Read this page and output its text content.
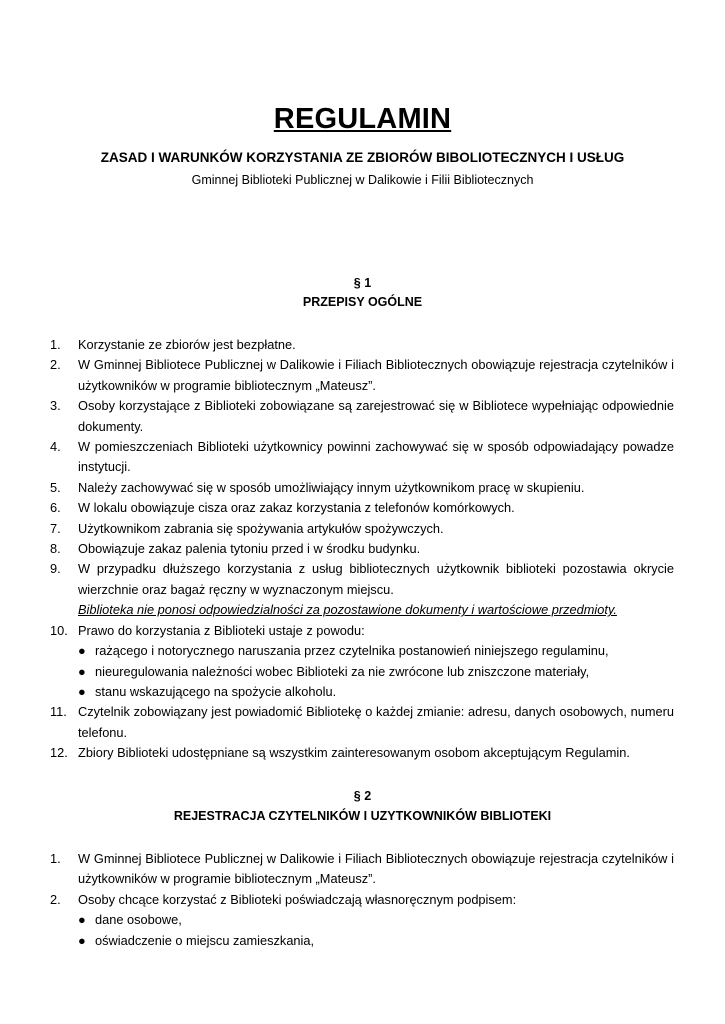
REGULAMIN
ZASAD I WARUNKÓW KORZYSTANIA ZE ZBIORÓW BIBOLIOTECZNYCH I USŁUG
Gminnej Biblioteki Publicznej w Dalikowie i Filii Bibliotecznych
§ 1
PRZEPISY OGÓLNE
1.	Korzystanie ze zbiorów jest bezpłatne.
2.	W Gminnej Bibliotece Publicznej w Dalikowie i Filiach Bibliotecznych obowiązuje rejestracja czytelników i użytkowników w programie bibliotecznym „Mateusz”.
3.	Osoby korzystające z Biblioteki zobowiązane są zarejestrować się w Bibliotece wypełniając odpowiednie dokumenty.
4.	W pomieszczeniach Biblioteki użytkownicy powinni zachowywać się w sposób odpowiadający powadze instytucji.
5.	Należy zachowywać się w sposób umożliwiający innym użytkownikom pracę w skupieniu.
6.	W lokalu obowiązuje cisza oraz zakaz korzystania z telefonów komórkowych.
7.	Użytkownikom zabrania się spożywania artykułów spożywczych.
8.	Obowiązuje zakaz palenia tytoniu przed i w środku budynku.
9.	W przypadku dłuższego korzystania z usług bibliotecznych użytkownik biblioteki pozostawia okrycie wierzchnie oraz bagaż ręczny w wyznaczonym miejscu.
Biblioteka nie ponosi odpowiedzialności za pozostawione dokumenty i wartościowe przedmioty.
10. Prawo do korzystania z Biblioteki ustaje z powodu:
● rażącego i notorycznego naruszania przez czytelnika postanowień niniejszego regulaminu,
● nieuregulowania należności wobec Biblioteki za nie zwrócone lub zniszczone materiały,
● stanu wskazującego na spożycie alkoholu.
11. Czytelnik zobowiązany jest powiadomić Bibliotekę o każdej zmianie: adresu, danych osobowych, numeru telefonu.
12. Zbiory Biblioteki udostępniane są wszystkim zainteresowanym osobom akceptującym Regulamin.
§ 2
REJESTRACJA CZYTELNIKÓW I UZYTKOWNIKÓW BIBLIOTEKI
1.	W Gminnej Bibliotece Publicznej w Dalikowie i Filiach Bibliotecznych obowiązuje rejestracja czytelników i użytkowników w programie bibliotecznym „Mateusz”.
2.	Osoby chcące korzystać z Biblioteki poświadczają własnoręcznym podpisem:
● dane osobowe,
● oświadczenie o miejscu zamieszkania,
